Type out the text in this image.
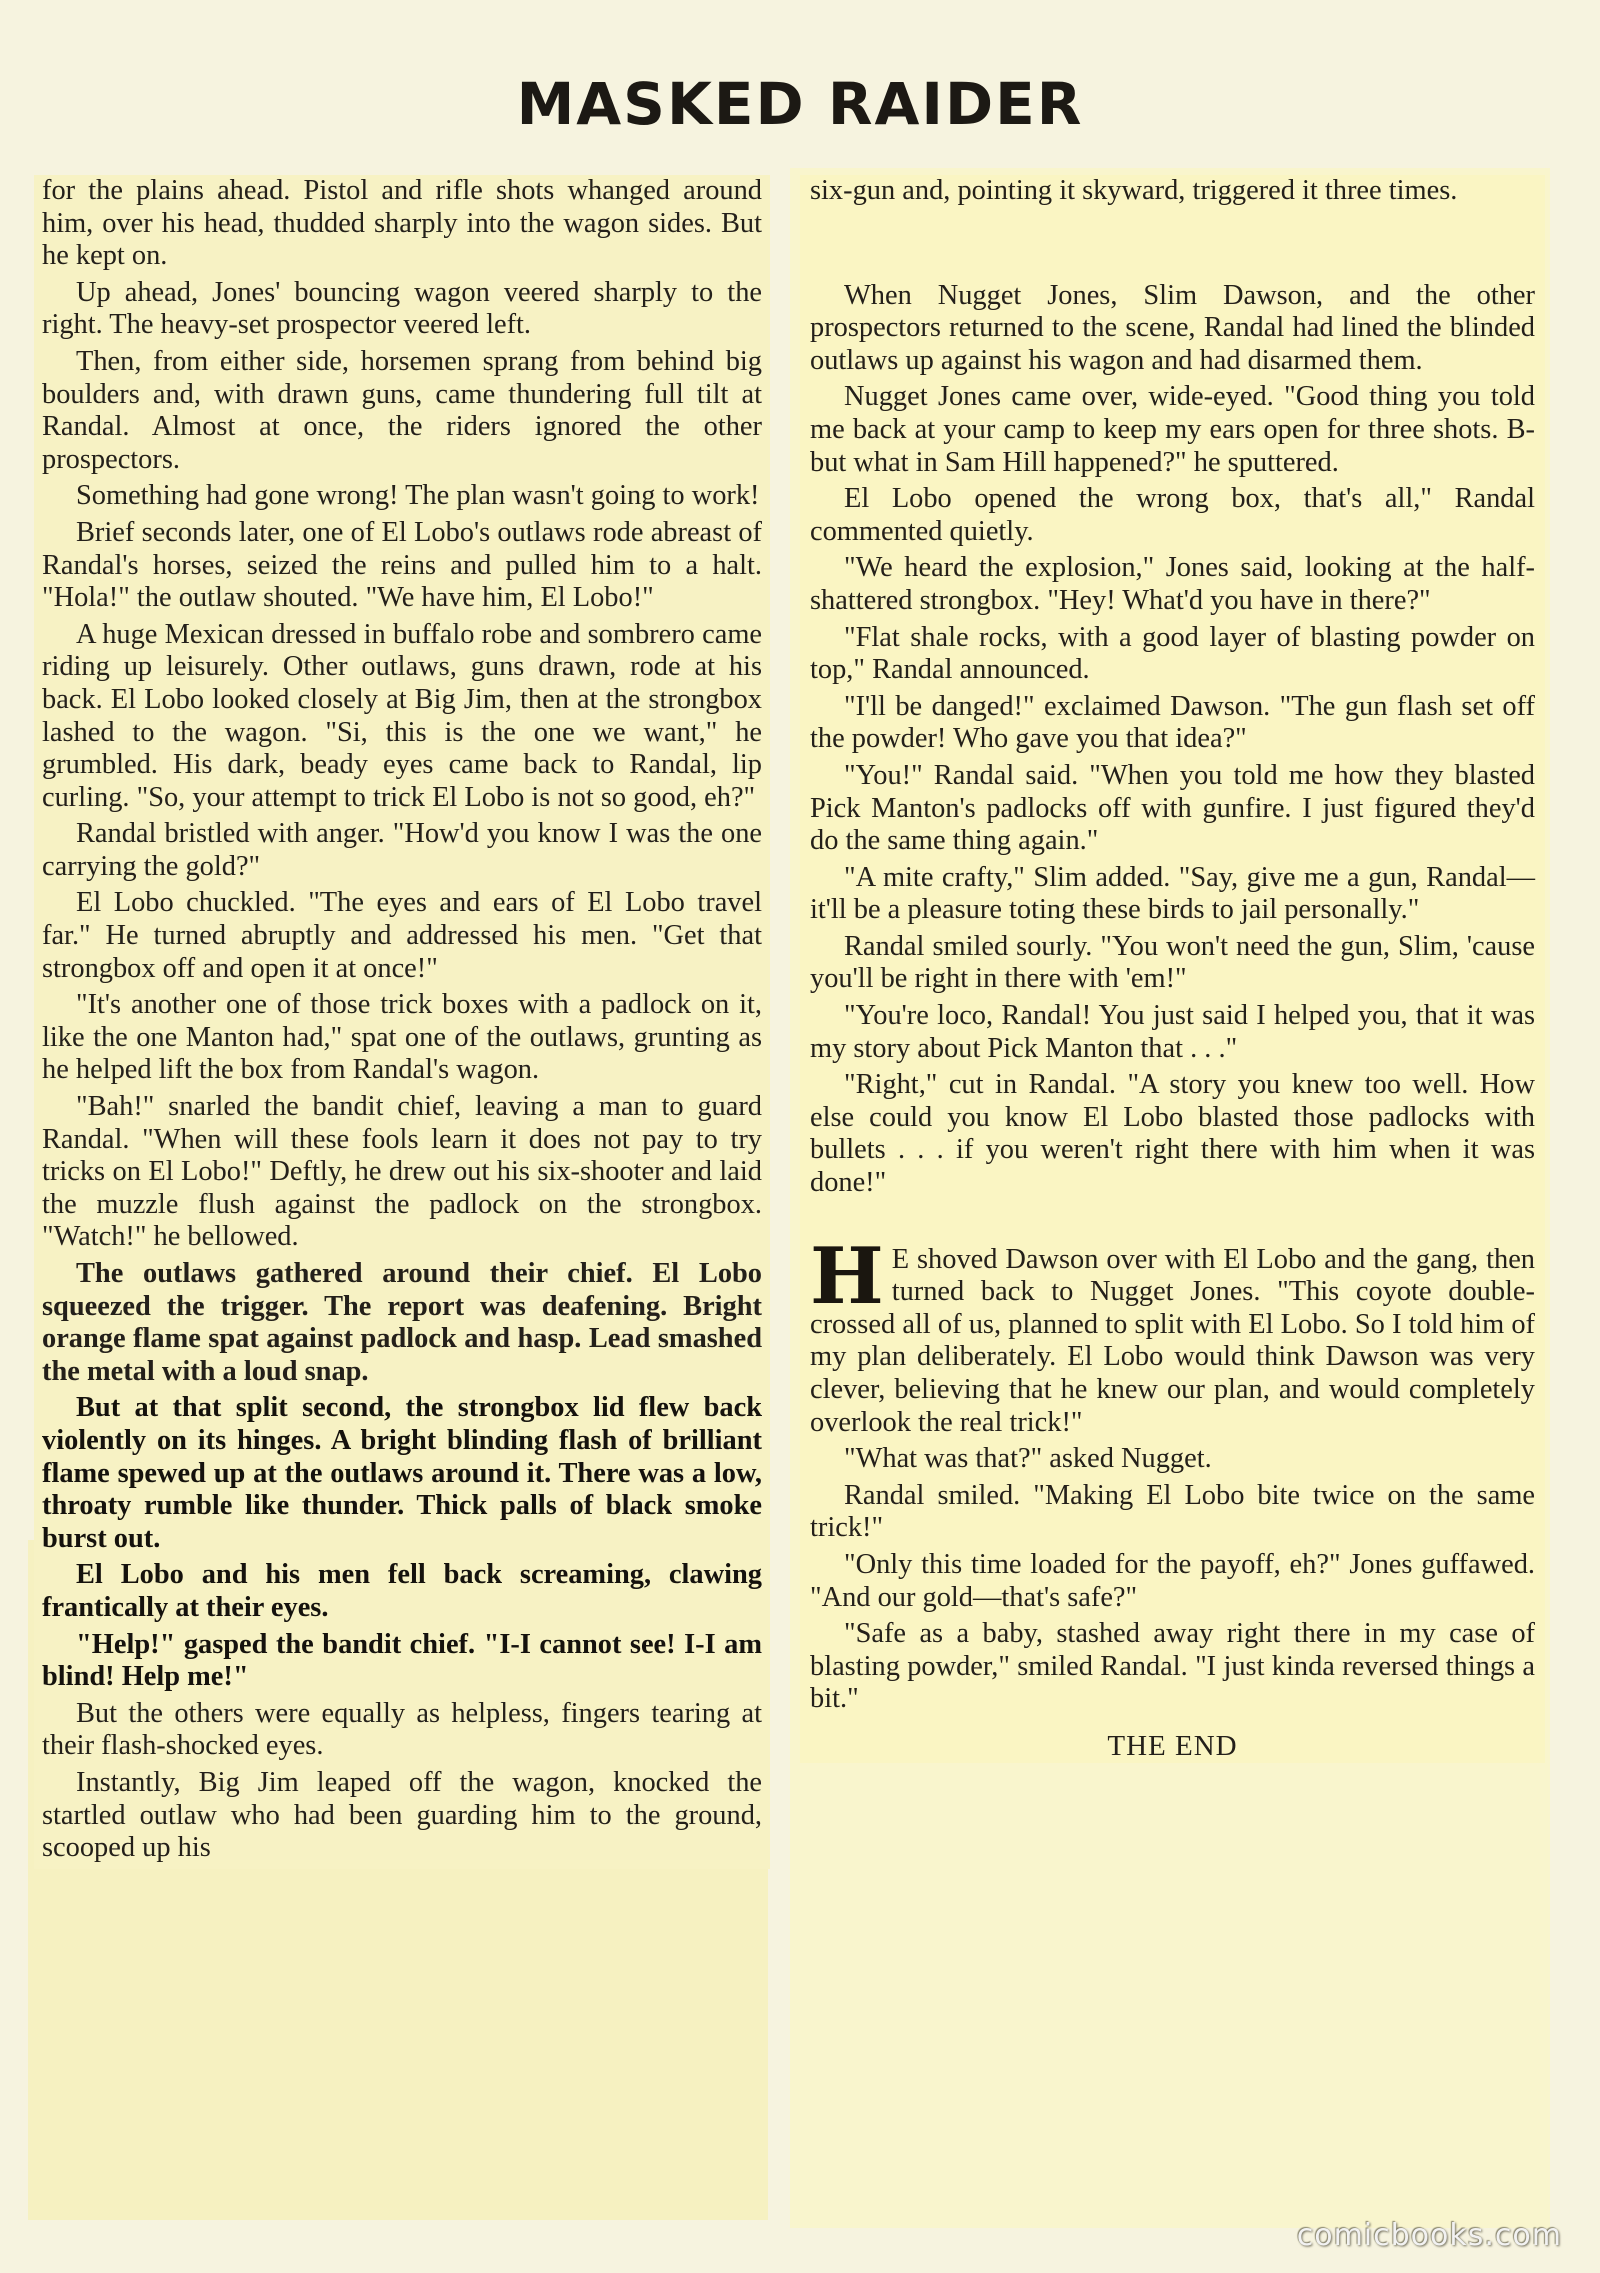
MASKED RAIDER

for the plains ahead. Pistol and rifle shots whanged around him, over his head, thudded sharply into the wagon sides. But he kept on.

Up ahead, Jones' bouncing wagon veered sharply to the right. The heavy-set prospector veered left.

Then, from either side, horsemen sprang from behind big boulders and, with drawn guns, came thundering full tilt at Randal. Almost at once, the riders ignored the other prospectors.

Something had gone wrong! The plan wasn't going to work!

Brief seconds later, one of El Lobo's outlaws rode abreast of Randal's horses, seized the reins and pulled him to a halt. "Hola!" the outlaw shouted. "We have him, El Lobo!"

A huge Mexican dressed in buffalo robe and sombrero came riding up leisurely. Other outlaws, guns drawn, rode at his back. El Lobo looked closely at Big Jim, then at the strongbox lashed to the wagon. "Si, this is the one we want," he grumbled. His dark, beady eyes came back to Randal, lip curling. "So, your attempt to trick El Lobo is not so good, eh?"

Randal bristled with anger. "How'd you know I was the one carrying the gold?"

El Lobo chuckled. "The eyes and ears of El Lobo travel far." He turned abruptly and addressed his men. "Get that strongbox off and open it at once!"

"It's another one of those trick boxes with a padlock on it, like the one Manton had," spat one of the outlaws, grunting as he helped lift the box from Randal's wagon.

"Bah!" snarled the bandit chief, leaving a man to guard Randal. "When will these fools learn it does not pay to try tricks on El Lobo!" Deftly, he drew out his six-shooter and laid the muzzle flush against the padlock on the strongbox. "Watch!" he bellowed.

The outlaws gathered around their chief. El Lobo squeezed the trigger. The report was deafening. Bright orange flame spat against padlock and hasp. Lead smashed the metal with a loud snap.

But at that split second, the strongbox lid flew back violently on its hinges. A bright blinding flash of brilliant flame spewed up at the outlaws around it. There was a low, throaty rumble like thunder. Thick palls of black smoke burst out.

El Lobo and his men fell back screaming, clawing frantically at their eyes.

"Help!" gasped the bandit chief. "I-I cannot see! I-I am blind! Help me!"

But the others were equally as helpless, fingers tearing at their flash-shocked eyes.

Instantly, Big Jim leaped off the wagon, knocked the startled outlaw who had been guarding him to the ground, scooped up his

six-gun and, pointing it skyward, triggered it three times.

When Nugget Jones, Slim Dawson, and the other prospectors returned to the scene, Randal had lined the blinded outlaws up against his wagon and had disarmed them.

Nugget Jones came over, wide-eyed. "Good thing you told me back at your camp to keep my ears open for three shots. B-but what in Sam Hill happened?" he sputtered.

El Lobo opened the wrong box, that's all," Randal commented quietly.

"We heard the explosion," Jones said, looking at the half-shattered strongbox. "Hey! What'd you have in there?"

"Flat shale rocks, with a good layer of blasting powder on top," Randal announced.

"I'll be danged!" exclaimed Dawson. "The gun flash set off the powder! Who gave you that idea?"

"You!" Randal said. "When you told me how they blasted Pick Manton's padlocks off with gunfire. I just figured they'd do the same thing again."

"A mite crafty," Slim added. "Say, give me a gun, Randal—it'll be a pleasure toting these birds to jail personally."

Randal smiled sourly. "You won't need the gun, Slim, 'cause you'll be right in there with 'em!"

"You're loco, Randal! You just said I helped you, that it was my story about Pick Manton that . . ."

"Right," cut in Randal. "A story you knew too well. How else could you know El Lobo blasted those padlocks with bullets . . . if you weren't right there with him when it was done!"

H E shoved Dawson over with El Lobo and the gang, then turned back to Nugget Jones. "This coyote double-crossed all of us, planned to split with El Lobo. So I told him of my plan deliberately. El Lobo would think Dawson was very clever, believing that he knew our plan, and would completely overlook the real trick!"

"What was that?" asked Nugget.

Randal smiled. "Making El Lobo bite twice on the same trick!"

"Only this time loaded for the payoff, eh?" Jones guffawed. "And our gold—that's safe?"

"Safe as a baby, stashed away right there in my case of blasting powder," smiled Randal. "I just kinda reversed things a bit."

THE END
comicbooks.com
